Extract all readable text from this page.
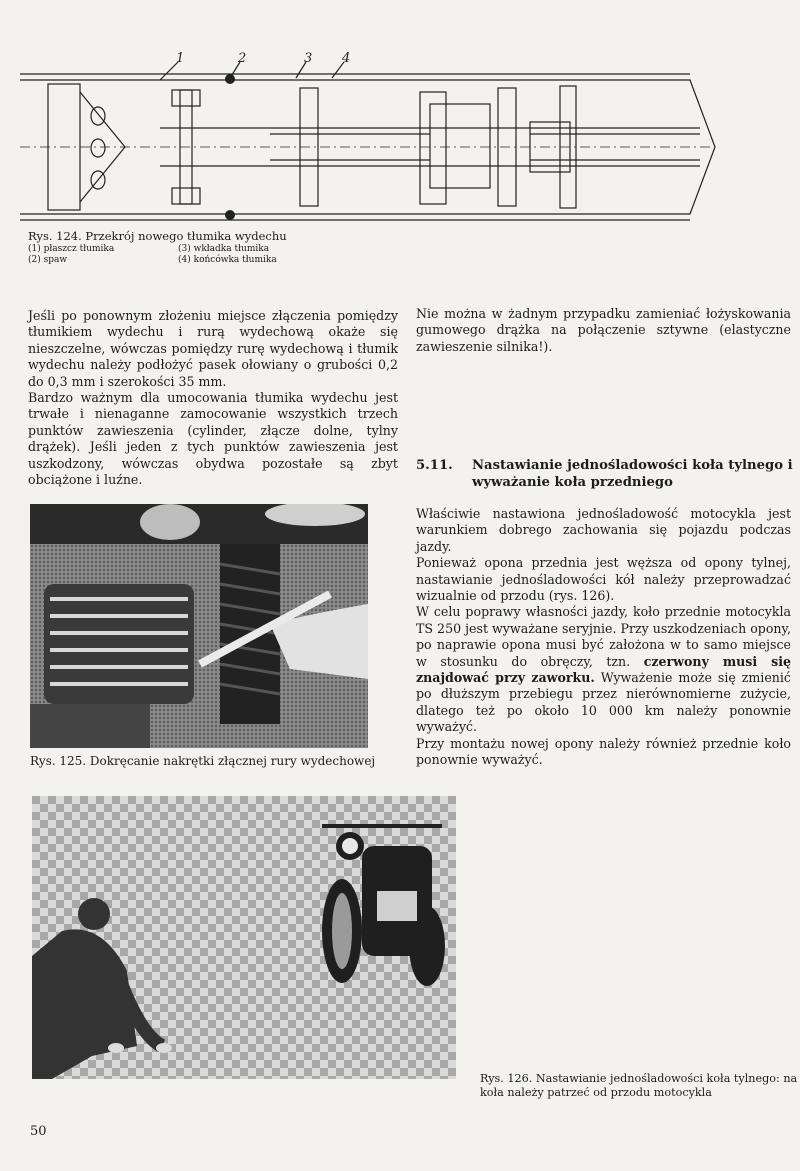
1	2	3 4
Rys. 124. Przekrój nowego tłumika wydechu
(1) płaszcz tłumika	(3) wkładka tłumika
(2) spaw	(4) końcówka tłumika

Jeśli po ponownym złożeniu miejsce złączenia pomiędzy tłumikiem wydechu i rurą wydechową okaże się nieszczelne, wówczas pomiędzy rurę wydechową i tłumik wydechu należy podłożyć pasek ołowiany o grubości 0,2 do 0,3 mm i szerokości 35 mm.

Bardzo ważnym dla umocowania tłumika wydechu jest trwałe i nienaganne zamocowanie wszystkich trzech punktów zawieszenia (cylinder, złącze dolne, tylny drążek). Jeśli jeden z tych punktów zawieszenia jest uszkodzony, wówczas obydwa pozostałe są zbyt obciążone i luźne.

Nie można w żadnym przypadku zamieniać łożyskowania gumowego drążka na połączenie sztywne (elastyczne zawieszenie silnika!).

5.11.	Nastawianie jednośladowości koła tylnego i wyważanie koła przedniego

Właściwie nastawiona jednośladowość motocykla jest warunkiem dobrego zachowania się pojazdu podczas jazdy.

Ponieważ opona przednia jest węższa od opony tylnej, nastawianie jednośladowości kół należy przeprowadzać wizualnie od przodu (rys. 126).

W celu poprawy własności jazdy, koło przednie motocykla TS 250 jest wyważane seryjnie. Przy uszkodzeniach opony, po naprawie opona musi być założona w to samo miejsce w stosunku do obręczy, tzn. czerwony musi się znajdować przy zaworku. Wyważenie może się zmienić po dłuższym przebiegu przez nierównomierne zużycie, dlatego też po około 10 000 km należy ponownie wyważyć.

Przy montażu nowej opony należy również przednie koło ponownie wyważyć.

Rys. 125. Dokręcanie nakrętki złącznej rury wydechowej
Rys. 126. Nastawianie jednośladowości koła tylnego: na koła należy patrzeć od przodu motocykla
50
